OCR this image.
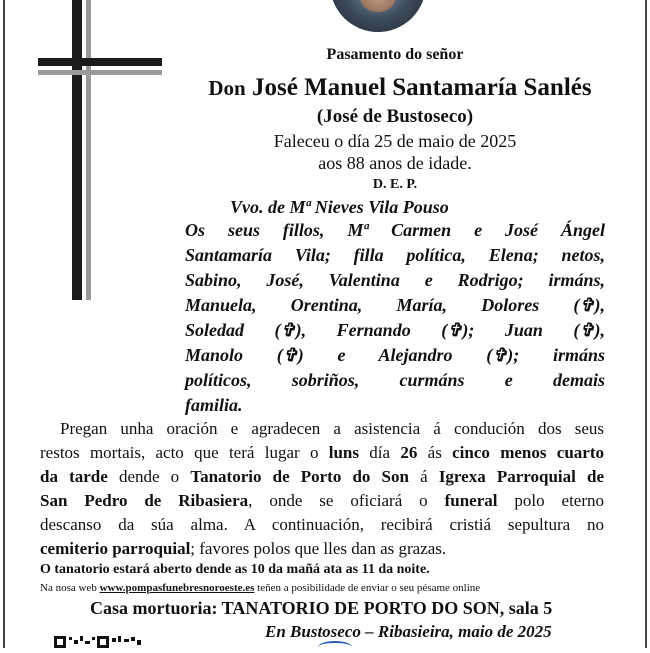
Pasamento do señor
Don José Manuel Santamaría Sanlés
(José de Bustoseco)
Faleceu o día 25 de maio de 2025
aos 88 anos de idade.
D. E. P.
Vvo. de Mª Nieves Vila Pouso
Os seus fillos, Mª Carmen e José Ángel
Santamaría Vila; filla política, Elena; netos,
Sabino, José, Valentina e Rodrigo; irmáns,
Manuela, Orentina, María, Dolores (✞),
Soledad (✞), Fernando (✞); Juan (✞),
Manolo (✞) e Alejandro (✞); irmáns
políticos, sobriños, curmáns e demais
familia.
Pregan unha oración e agradecen a asistencia á condución dos seus
restos mortais, acto que terá lugar o luns día 26 ás cinco menos cuarto
da tarde dende o Tanatorio de Porto do Son á Igrexa Parroquial de
San Pedro de Ribasiera, onde se oficiará o funeral polo eterno
descanso da súa alma. A continuación, recibirá cristiá sepultura no
cemiterio parroquial; favores polos que lles dan as grazas.
O tanatorio estará aberto dende as 10 da mañá ata as 11 da noite.
Na nosa web www.pompasfunebresnoroeste.es teñen a posibilidade de enviar o seu pésame online
Casa mortuoria: TANATORIO DE PORTO DO SON, sala 5
En Bustoseco – Ribasieira, maio de 2025
